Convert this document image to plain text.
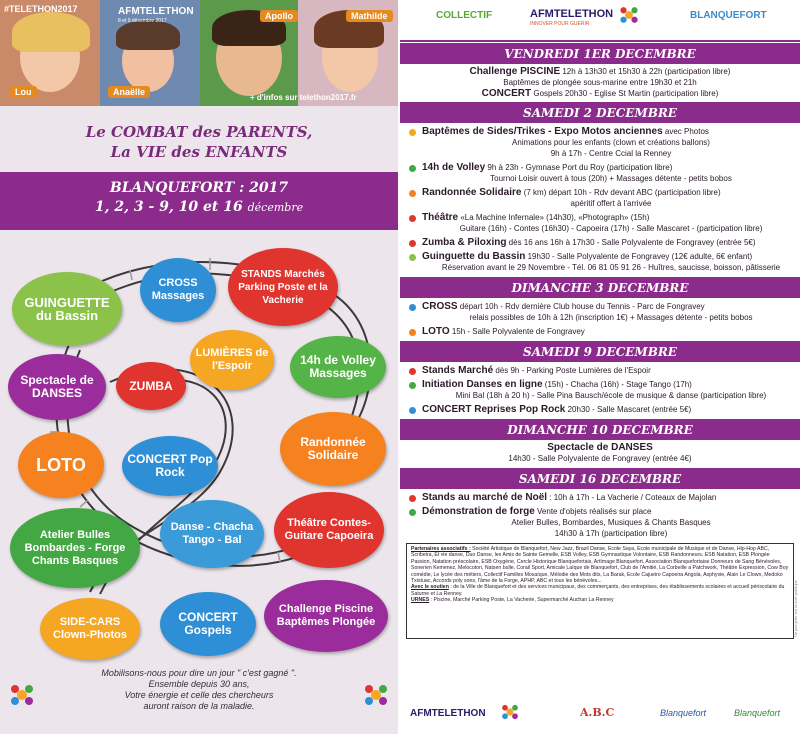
Lou	Anaëlle
Apollo	Mathilde
#TELETHON2017	AFMTELETHON
8 et 9 décembre 2017
+ d'infos sur telethon2017.fr
Le COMBAT des PARENTS,
La VIE des ENFANTS
BLANQUEFORT : 2017
1, 2, 3 - 9, 10 et 16 décembre
GUINGUETTE du Bassin
CROSS Massages
STANDS Marchés Parking Poste et la Vacherie
LUMIÈRES de l'Espoir	14h de Volley Massages
ZUMBA
Spectacle de DANSES
LOTO	CONCERT Pop Rock
Randonnée Solidaire
Atelier Bulles Bombardes - Forge Chants Basques
Danse - Chacha Tango - Bal
Théâtre Contes-Guitare Capoeira
SIDE-CARS Clown-Photos
CONCERT Gospels
Challenge Piscine Baptêmes Plongée
Mobilisons-nous pour dire un jour " c'est gagné ".
Ensemble depuis 30 ans,
Votre énergie et celle des chercheurs
auront raison de la maladie.
COLLECTIF	AFMTELETHON
INNOVER POUR GUÉRIR
BLANQUEFORT
VENDREDI 1ER DECEMBRE
Challenge PISCINE 12h à 13h30 et 15h30 à 22h (participation libre)
Baptêmes de plongée sous-marine entre 19h30 et 21h
CONCERT Gospels 20h30 - Eglise St Martin (participation libre)
SAMEDI 2 DECEMBRE
Baptêmes de Sides/Trikes - Expo Motos anciennes avec Photos
Animations pour les enfants (clown et créations ballons)
9h à 17h - Centre Ccial la Renney
14h de Volley 9h à 23h - Gymnase Port du Roy (participation libre)
Tournoi Loisir ouvert à tous (20h) + Massages détente - petits bobos
Randonnée Solidaire (7 km) départ 10h - Rdv devant ABC (participation libre)
apéritif offert à l'arrivée
Théâtre «La Machine Infernale» (14h30), «Photograph» (15h)
Guitare (16h) - Contes (16h30) - Capoeira (17h) - Salle Mascaret - (participation libre)
Zumba & Piloxing dès 16 ans 16h à 17h30 - Salle Polyvalente de Fongravey (entrée 5€)
Guinguette du Bassin 19h30 - Salle Polyvalente de Fongravey (12€ adulte, 6€ enfant)
Réservation avant le 29 Novembre - Tél. 06 81 05 91 26 - Huîtres, saucisse, boisson, pâtisserie
DIMANCHE 3 DECEMBRE
CROSS départ 10h - Rdv dernière Club house du Tennis - Parc de Fongravey
relais possibles de 10h à 12h (inscription 1€) + Massages détente - petits bobos
LOTO 15h - Salle Polyvalente de Fongravey
SAMEDI 9 DECEMBRE
Stands Marché dès 9h - Parking Poste Lumières de l'Espoir
Initiation Danses en ligne (15h) - Chacha (16h) - Stage Tango (17h)
Mini Bal (18h à 20 h) - Salle Pina Bausch/école de musique & danse (participation libre)
CONCERT Reprises Pop Rock 20h30 - Salle Mascaret (entrée 5€)
DIMANCHE 10 DECEMBRE
Spectacle de DANSES
14h30 - Salle Polyvalente de Fongravey (entrée 4€)
SAMEDI 16 DECEMBRE
Stands au marché de Noël : 10h à 17h - La Vacherie / Coteaux de Majolan
Démonstration de forge Vente d'objets réalisés sur place
Atelier Bulles, Bombardes, Musiques & Chants Basques
14h30 à 17h (participation libre)
Partenaires associatifs : Société Artistique de Blanquefort, New Jazz, Brazil Danse, Ecole Saya, Ecole municipale de Musique et de Danse, Hip-Hop ABC, Scribeira, Et vie danse, Duo Danse, les Amis de Sainte Gemelle, ESB Volley, ESB Gymnastique Volontaire, ESB Randonneurs, ESB Natation, ESB Plongée Passion, Natation préscolaire, ESB Oxygène, Cercle Historique Blanquefortais, ArtImage Blanquefort, Association Blanquefortaise Donneurs de Sang Bénévoles, Sonerien Kemenez, Melocoton, Natsen bulle, Corail Sport, Amicale Laïque de Blanquefort, Club de l'Amitié, La Corbeille a Patchwork, Théâtre Expression, Cow Boy comédie, Le lycée des métiers, Collectif Familles Mosaïque, Mélodie des Mots dits, La Barak, Ecole Cajueiro Capoeira Angola, Asphyxie, Alain Le Clown, Medoko Txistuac, Accords poly sons, l'âme de la Forge, APHP, ABC et tous les bénévoles...
Avec le soutien : de la Ville de Blanquefort et des services municipaux, des commerçants, des entreprises, des établissements scolaires et accueil périscolaire du Saturne et La Renney.
URNES : Piscine, Marché Parking Poste, La Vacherie, Supermarché Auchan La Renney
AFMTELETHON	A.B.C	Blanquefort	Blanquefort
Ne pas jeter sur la voie publique
